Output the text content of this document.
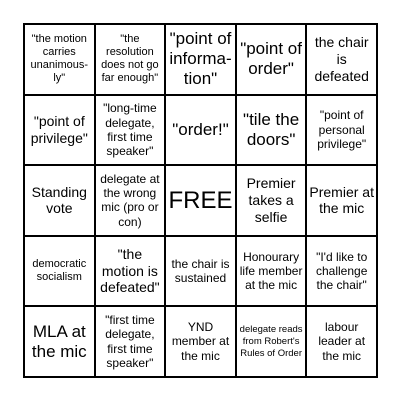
"the motion carries unanimous-ly"
"the resolution does not go far enough"
"point of informa-tion"
"point of order"
the chair is defeated
"point of privilege"
"long-time delegate, first time speaker"
"order!"
"tile the doors"
"point of personal privilege"
Standing vote
delegate at the wrong mic (pro or con)
FREE
Premier takes a selfie
Premier at the mic
democratic socialism
"the motion is defeated"
the chair is sustained
Honourary life member at the mic
"I'd like to challenge the chair"
MLA at the mic
"first time delegate, first time speaker"
YND member at the mic
delegate reads from Robert's Rules of Order
labour leader at the mic
